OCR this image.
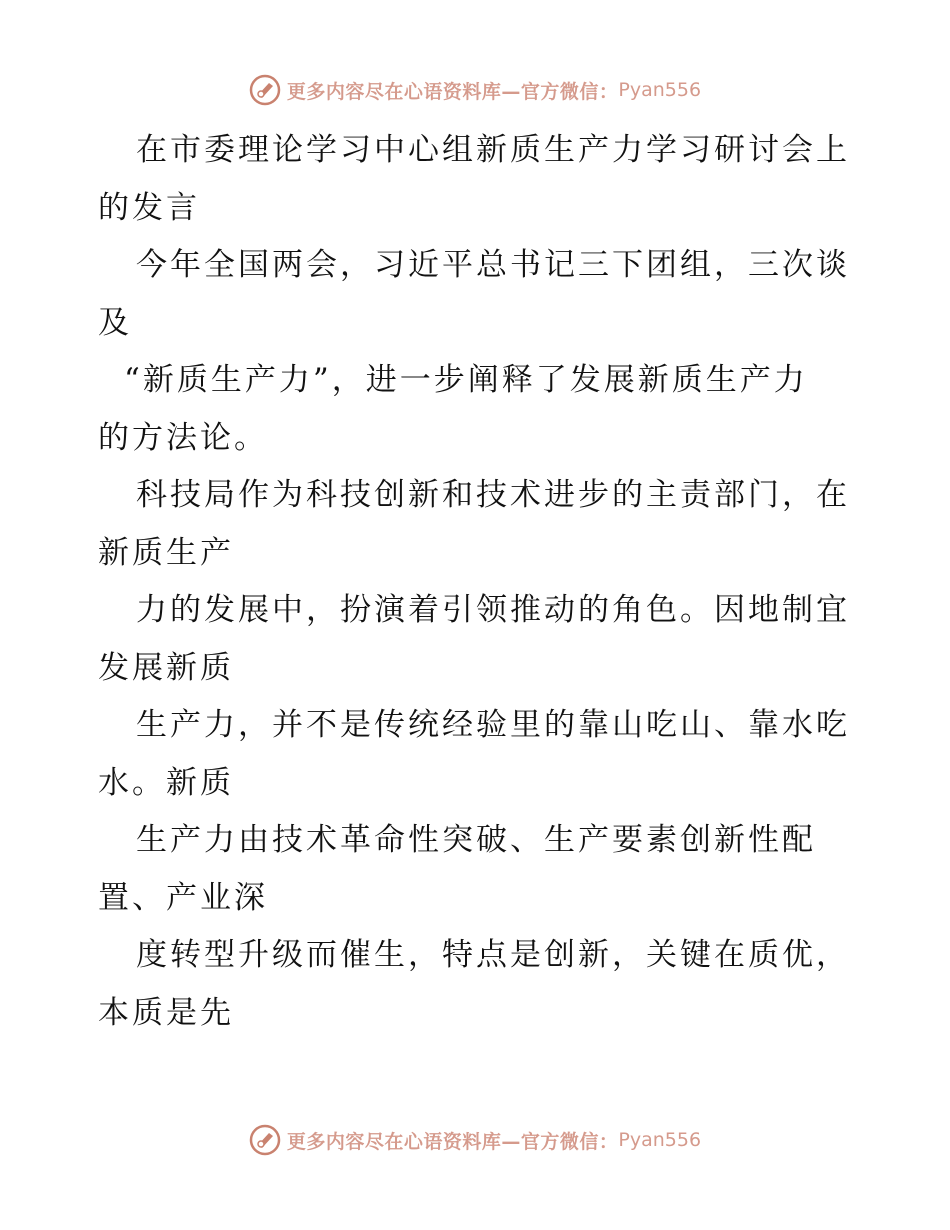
更多内容尽在心语资料库—官方微信： Pyan556
在市委理论学习中心组新质生产力学习研讨会上
的发言
今年全国两会，习近平总书记三下团组，三次谈
及
“新质生产力”，进一步阐释了发展新质生产力
的方法论。
科技局作为科技创新和技术进步的主责部门，在
新质生产
力的发展中，扮演着引领推动的角色。因地制宜
发展新质
生产力，并不是传统经验里的靠山吃山、靠水吃
水。新质
生产力由技术革命性突破、生产要素创新性配
置、产业深
度转型升级而催生，特点是创新，关键在质优，
本质是先
更多内容尽在心语资料库—官方微信： Pyan556
